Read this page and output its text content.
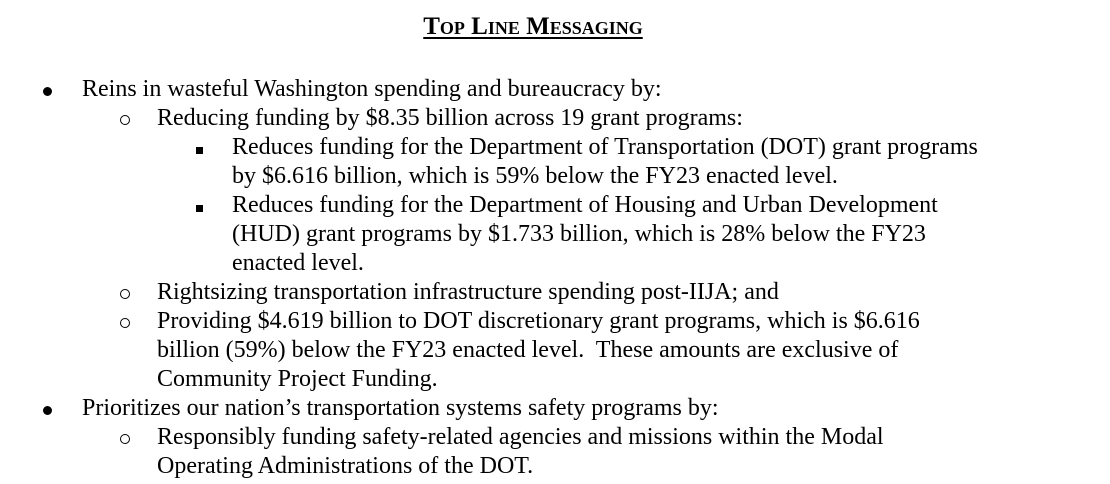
Top Line Messaging
Reins in wasteful Washington spending and bureaucracy by:
Reducing funding by $8.35 billion across 19 grant programs:
Reduces funding for the Department of Transportation (DOT) grant programs
by $6.616 billion, which is 59% below the FY23 enacted level.
Reduces funding for the Department of Housing and Urban Development
(HUD) grant programs by $1.733 billion, which is 28% below the FY23
enacted level.
Rightsizing transportation infrastructure spending post-IIJA; and
Providing $4.619 billion to DOT discretionary grant programs, which is $6.616
billion (59%) below the FY23 enacted level.  These amounts are exclusive of
Community Project Funding.
Prioritizes our nation’s transportation systems safety programs by:
Responsibly funding safety-related agencies and missions within the Modal
Operating Administrations of the DOT.
